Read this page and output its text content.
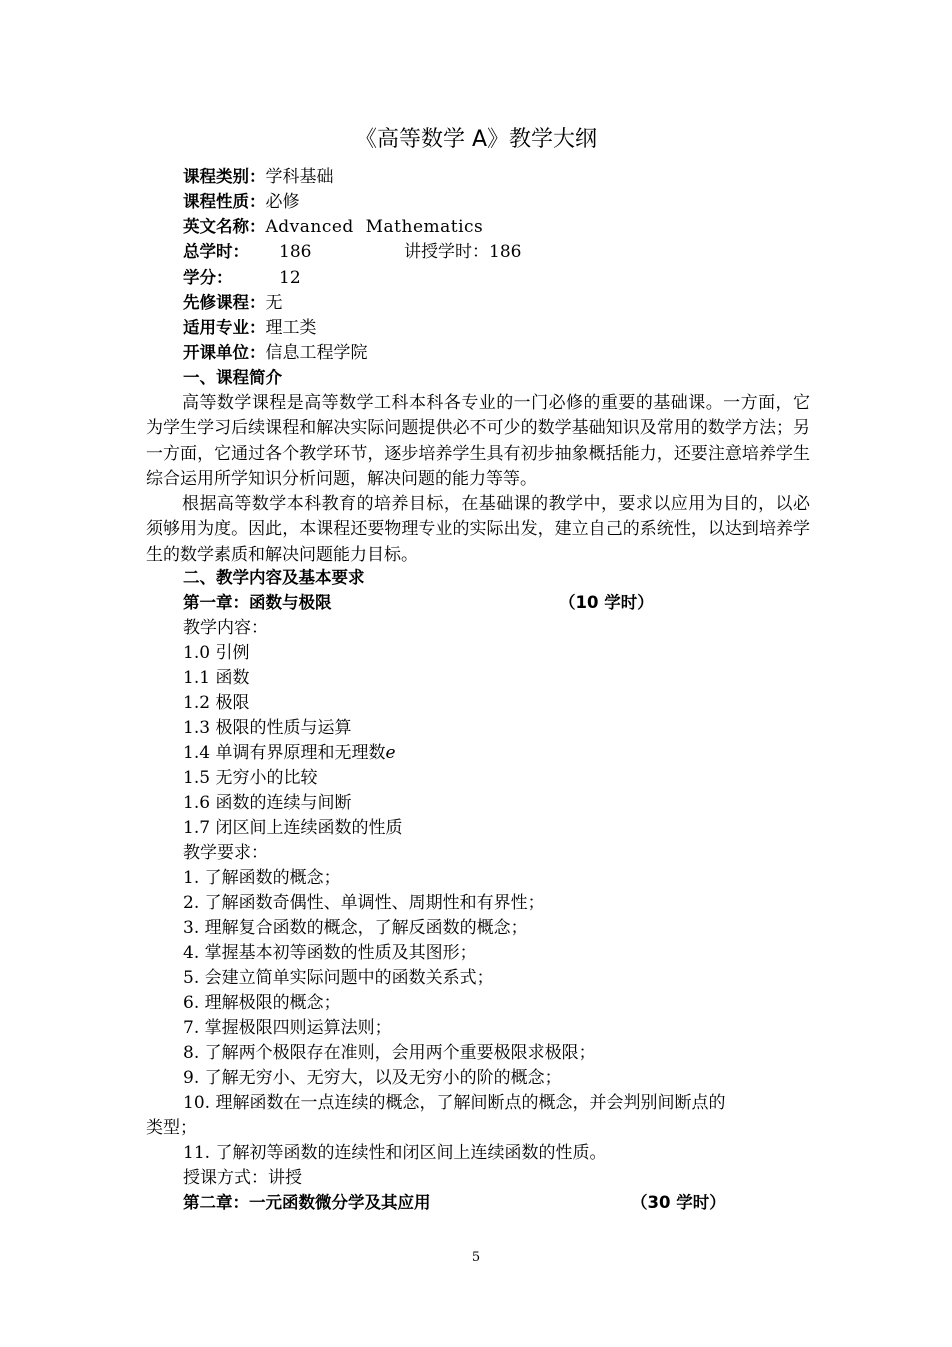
《高等数学 A》教学大纲
课程类别：学科基础
课程性质：必修
英文名称：Advanced  Mathematics
总学时： 186	讲授学时：186
学分：	12
先修课程：无
适用专业：理工类
开课单位：信息工程学院
一、课程简介
高等数学课程是高等数学工科本科各专业的一门必修的重要的基础课。一方面，它为学生学习后续课程和解决实际问题提供必不可少的数学基础知识及常用的数学方法；另一方面，它通过各个教学环节，逐步培养学生具有初步抽象概括能力，还要注意培养学生综合运用所学知识分析问题，解决问题的能力等等。
根据高等数学本科教育的培养目标，在基础课的教学中，要求以应用为目的，以必须够用为度。因此，本课程还要物理专业的实际出发，建立自己的系统性，以达到培养学生的数学素质和解决问题能力目标。
二、教学内容及基本要求
第一章：函数与极限	（10 学时）
教学内容：
1.0 引例
1.1 函数
1.2 极限
1.3 极限的性质与运算
1.4 单调有界原理和无理数e
1.5 无穷小的比较
1.6 函数的连续与间断
1.7 闭区间上连续函数的性质
教学要求：
1. 了解函数的概念；
2. 了解函数奇偶性、单调性、周期性和有界性；
3. 理解复合函数的概念，了解反函数的概念；
4. 掌握基本初等函数的性质及其图形；
5. 会建立简单实际问题中的函数关系式；
6. 理解极限的概念；
7. 掌握极限四则运算法则；
8. 了解两个极限存在准则，会用两个重要极限求极限；
9. 了解无穷小、无穷大，以及无穷小的阶的概念；
10. 理解函数在一点连续的概念，了解间断点的概念，并会判别间断点的
类型；
11. 了解初等函数的连续性和闭区间上连续函数的性质。
授课方式：讲授
第二章：一元函数微分学及其应用	（30 学时）
5
